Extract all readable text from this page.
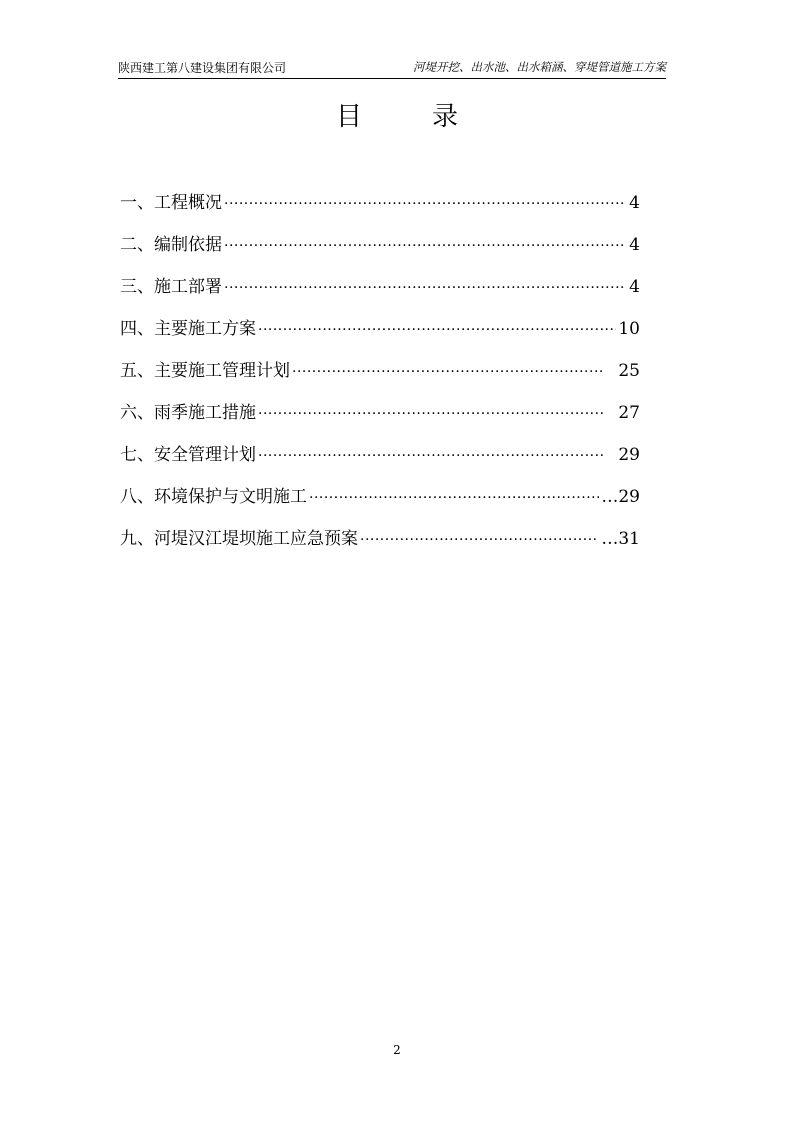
陕西建工第八建设集团有限公司	河堤开挖、出水池、出水箱涵、穿堤管道施工方案
目	录
一、工程概况 ·····	4
二、编制依据 ·····	4
三、施工部署 ·····	4
四、主要施工方案 ·····	10
五、主要施工管理计划 ·····	25
六、雨季施工措施 ·····	27
七、安全管理计划 ·····	29
八、环境保护与文明施工 ·····	…29
九、河堤汉江堤坝施工应急预案 ·····	…31
2
